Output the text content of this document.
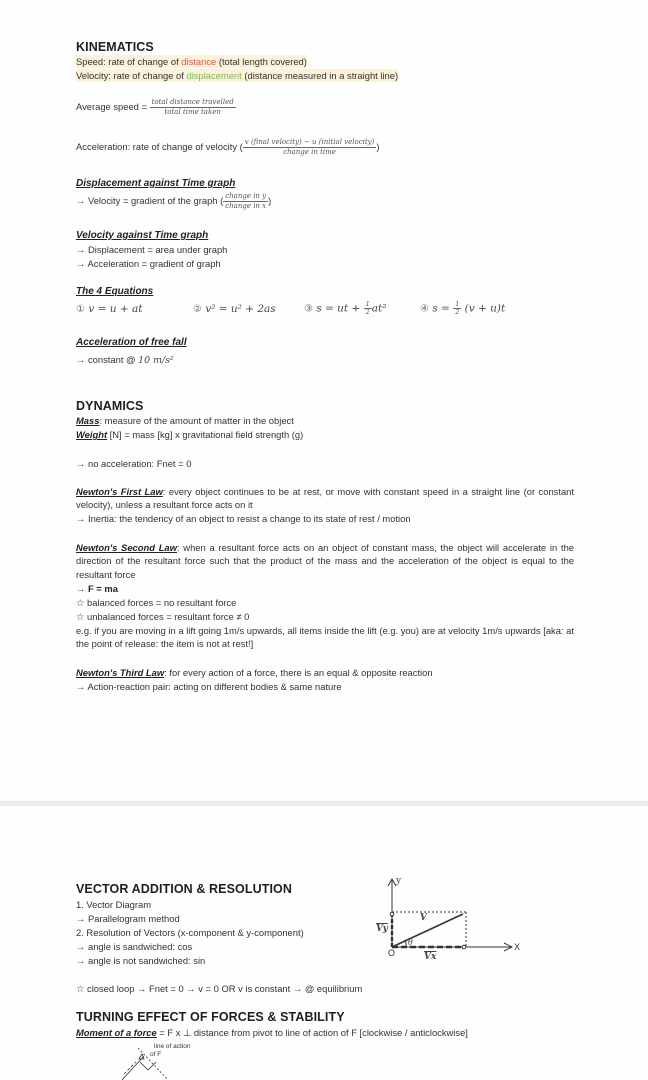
KINEMATICS
Speed: rate of change of distance (total length covered)
Velocity: rate of change of displacement (distance measured in a straight line)
Average speed = $\frac{\text{total distance travelled}}{\text{total time taken}}$
Acceleration: rate of change of velocity ( $\frac{\text{v (final velocity) − u (initial velocity)}}{\text{change in time}}$ )
Displacement against Time graph
→ Velocity = gradient of the graph ( $\frac{\text{change in y}}{\text{change in x}}$ )
Velocity against Time graph
→ Displacement = area under graph
→ Acceleration = gradient of graph
The 4 Equations
① v = u + at	② v² = u² + 2as	③ s = ut + $\frac{1}{2} at^2$	④ $s = \frac{1}{2} (v + u)t$
Acceleration of free fall
→ constant @ 10 m/s²
DYNAMICS
Mass: measure of the amount of matter in the object
Weight [N] = mass [kg] x gravitational field strength (g)
→ no acceleration: Fnet = 0
Newton's First Law: every object continues to be at rest, or move with constant speed in a straight line (or constant velocity), unless a resultant force acts on it
→ Inertia: the tendency of an object to resist a change to its state of rest / motion
Newton's Second Law: when a resultant force acts on an object of constant mass, the object will accelerate in the direction of the resultant force such that the product of the mass and the acceleration of the object is equal to the resultant force
→ F = ma
☆ balanced forces = no resultant force
☆ unbalanced forces = resultant force ≠ 0
e.g. if you are moving in a lift going 1m/s upwards, all items inside the lift (e.g. you) are at velocity 1m/s upwards [aka: at the point of release: the item is not at rest!]
Newton's Third Law: for every action of a force, there is an equal & opposite reaction
→ Action-reaction pair: acting on different bodies & same nature
VECTOR ADDITION & RESOLUTION
1. Vector Diagram
→ Parallelogram method
2. Resolution of Vectors (x-component & y-component)
→ angle is sandwiched: cos
→ angle is not sandwiched: sin
y
X
O
V
$\overline{Vy}$
$\overline{Vx}$
θ
☆ closed loop → Fnet = 0 → v = 0 OR v is constant → @ equilibrium
TURNING EFFECT OF FORCES & STABILITY
Moment of a force = F x ⊥ distance from pivot to line of action of F [clockwise / anticlockwise]
line of action
of F
